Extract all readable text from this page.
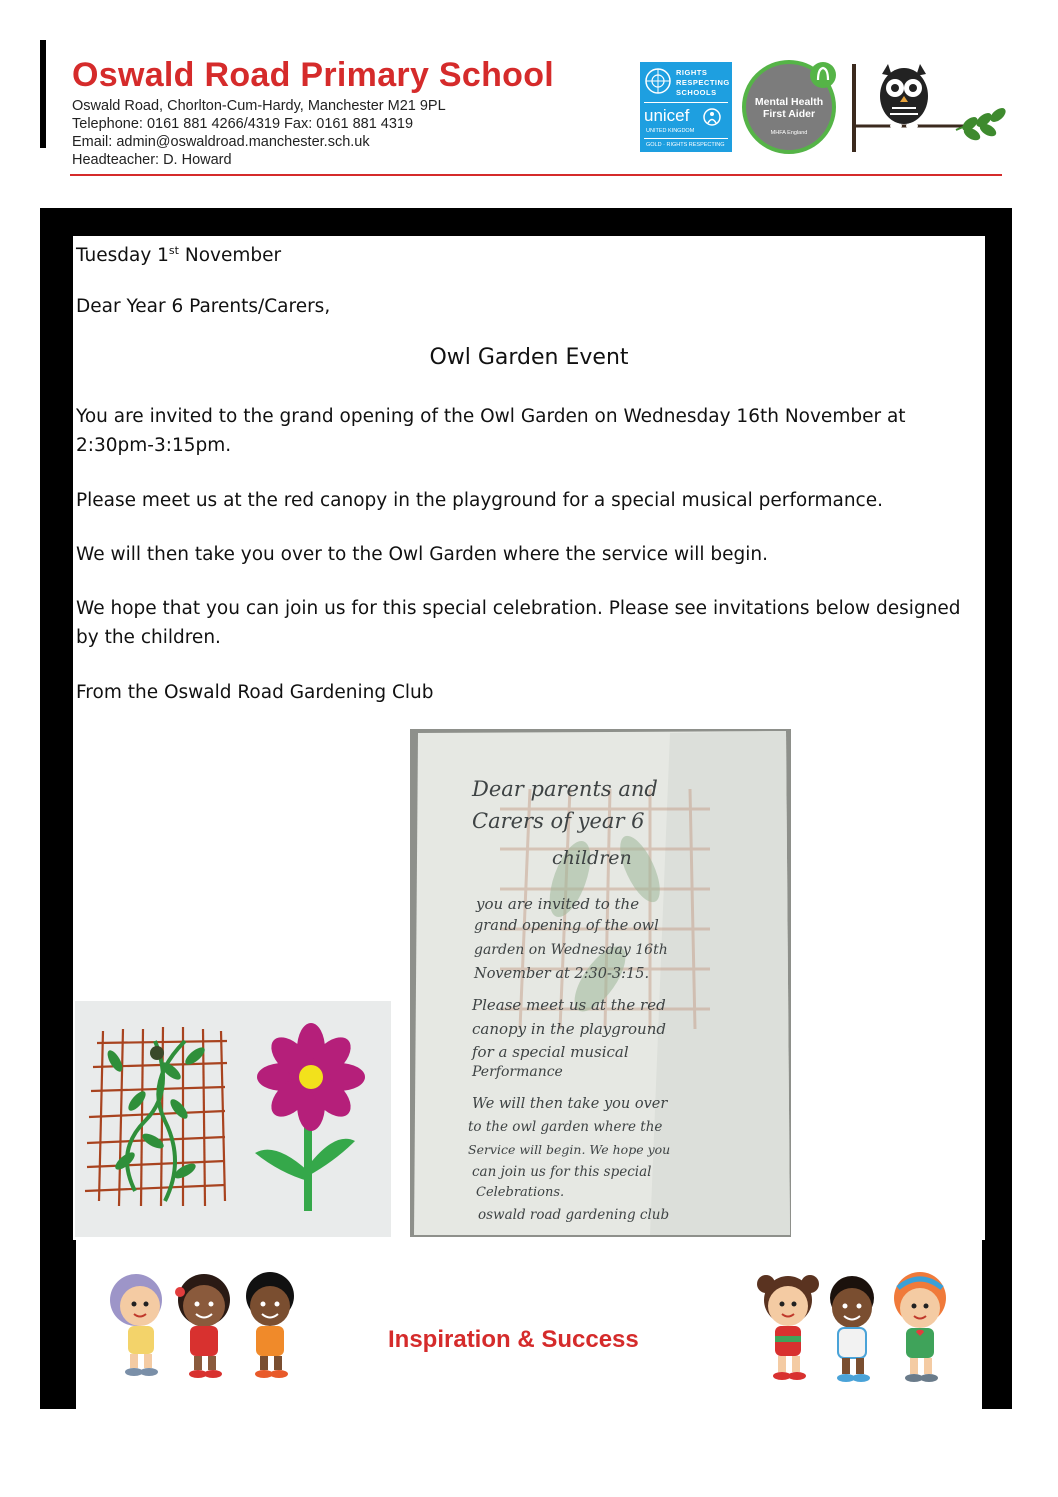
Oswald Road Primary School
Oswald Road, Chorlton-Cum-Hardy, Manchester M21 9PL
Telephone: 0161 881 4266/4319 Fax: 0161 881 4319
Email: admin@oswaldroad.manchester.sch.uk
Headteacher: D. Howard
RIGHTS
RESPECTING
SCHOOLS
unicef
UNITED KINGDOM
GOLD · RIGHTS RESPECTING
Mental Health
First Aider
MHFA England
Tuesday 1st November
Dear Year 6 Parents/Carers,
Owl Garden Event
You are invited to the grand opening of the Owl Garden on Wednesday 16th November at
2:30pm-3:15pm.
Please meet us at the red canopy in the playground for a special musical performance.
We will then take you over to the Owl Garden where the service will begin.
We hope that you can join us for this special celebration. Please see invitations below designed
by the children.
From the Oswald Road Gardening Club
Dear parents and
Carers of year 6
children
you are invited to the
grand opening of the owl
garden on Wednesday 16th
November at 2:30-3:15.
Please meet us at the red
canopy in the playground
for a special musical
Performance
We will then take you over
to the owl garden where the
Service will begin. We hope you
can join us for this special
Celebrations.
oswald road gardening club
Inspiration & Success
